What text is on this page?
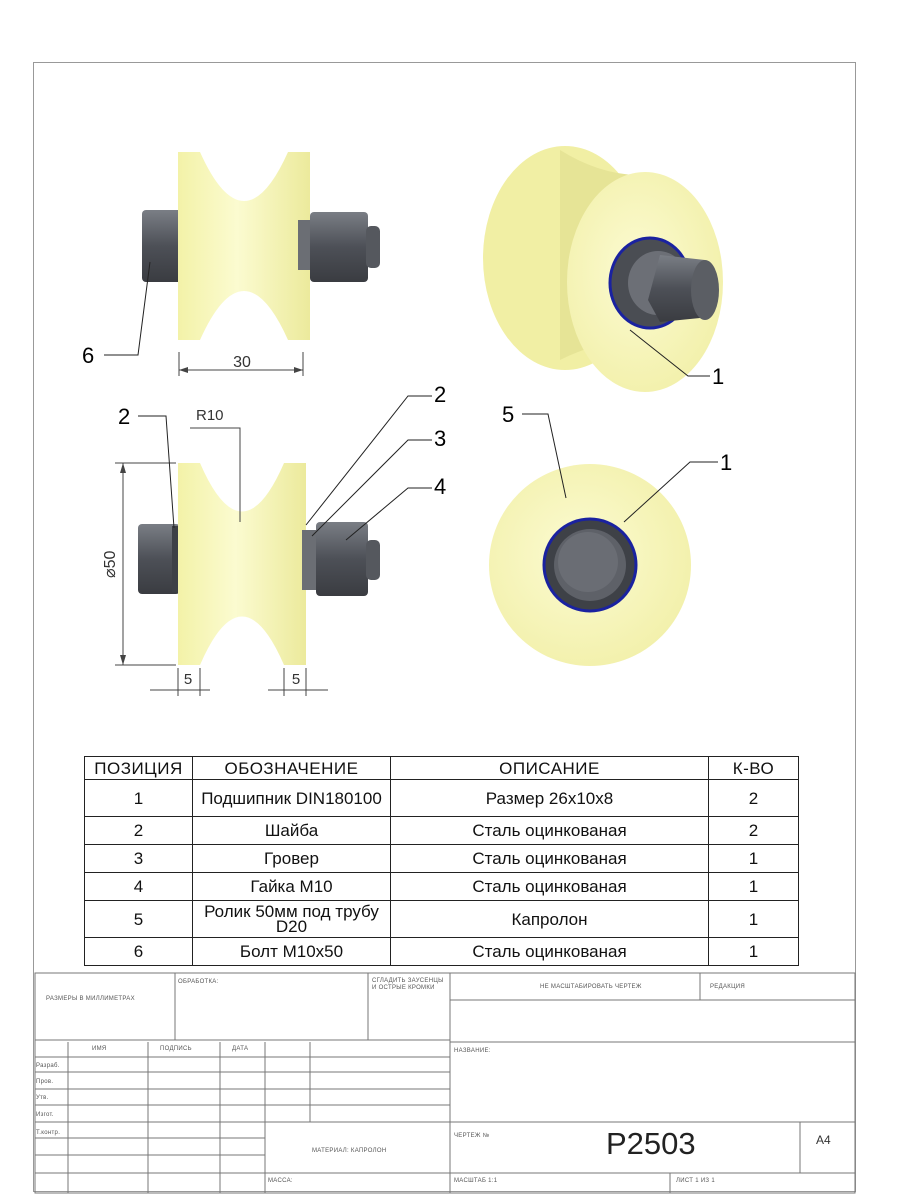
30
6
1
⌀50
R10
5	5
2
2
3
4
5
1
ПОЗИЦИЯ	ОБОЗНАЧЕНИЕ	ОПИСАНИЕ	К-ВО
1	Подшипник DIN180100	Размер 26х10х8	2
2	Шайба	Сталь оцинкованая	2
3	Гровер	Сталь оцинкованая	1
4	Гайка М10	Сталь оцинкованая	1
5	Ролик 50мм под трубу D20	Капролон	1
6	Болт М10х50	Сталь оцинкованая	1
РАЗМЕРЫ В МИЛЛИМЕТРАХ
ОБРАБОТКА:	СГЛАДИТЬ ЗАУСЕНЦЫ И ОСТРЫЕ КРОМКИ	НЕ МАСШТАБИРОВАТЬ ЧЕРТЕЖ	РЕДАКЦИЯ
ИМЯ	ПОДПИСЬ	ДАТА
Разраб.
Пров.
Утв.
Изгот.
Т.контр.
НАЗВАНИЕ:
МАТЕРИАЛ: КАПРОЛОН
ЧЕРТЕЖ №	P2503	A4
МАССА:	МАСШТАБ 1:1	ЛИСТ 1 ИЗ 1
